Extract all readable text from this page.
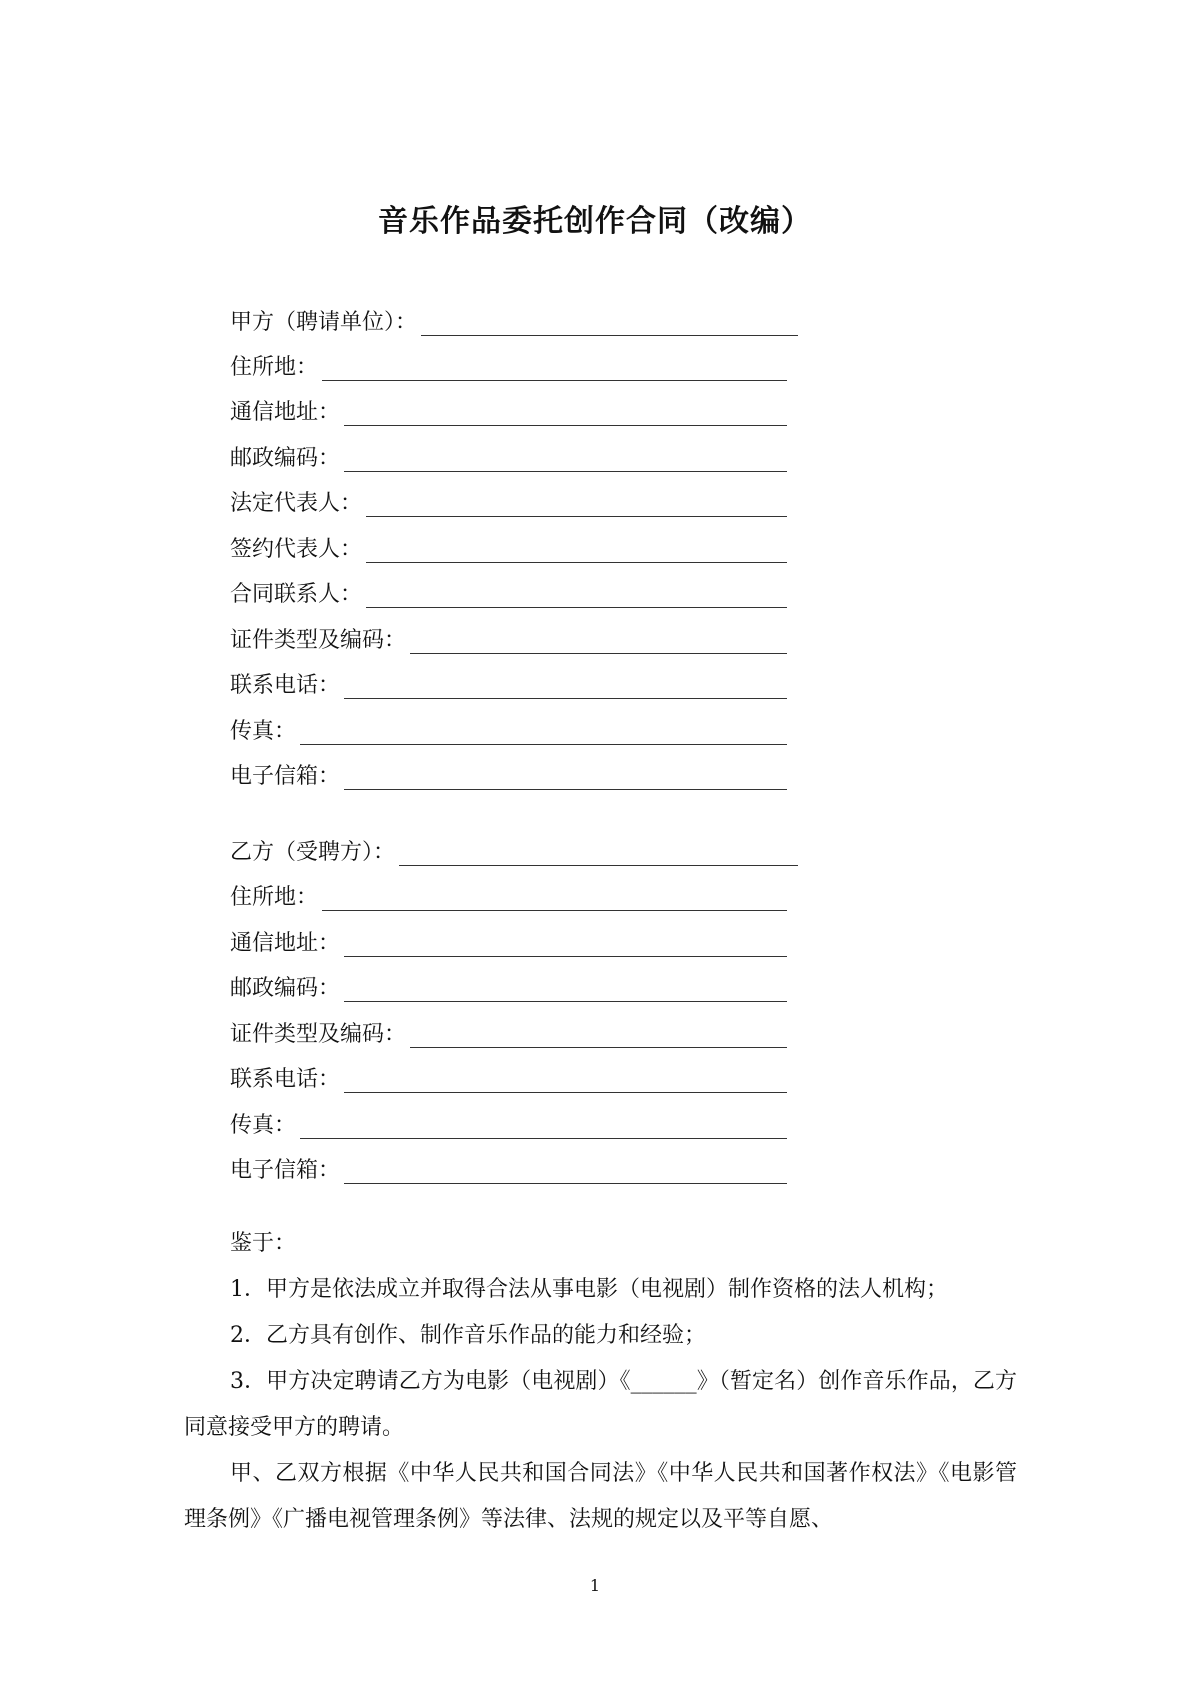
音乐作品委托创作合同（改编）
甲方（聘请单位）：
住所地：
通信地址：
邮政编码：
法定代表人：
签约代表人：
合同联系人：
证件类型及编码：
联系电话：
传真：
电子信箱：
乙方（受聘方）：
住所地：
通信地址：
邮政编码：
证件类型及编码：
联系电话：
传真：
电子信箱：

鉴于：

1．甲方是依法成立并取得合法从事电影（电视剧）制作资格的法人机构；

2．乙方具有创作、制作音乐作品的能力和经验；

3．甲方决定聘请乙方为电影（电视剧）《______》（暂定名）创作音乐作品，乙方同意接受甲方的聘请。

甲、乙双方根据《中华人民共和国合同法》《中华人民共和国著作权法》《电影管理条例》《广播电视管理条例》等法律、法规的规定以及平等自愿、

1
